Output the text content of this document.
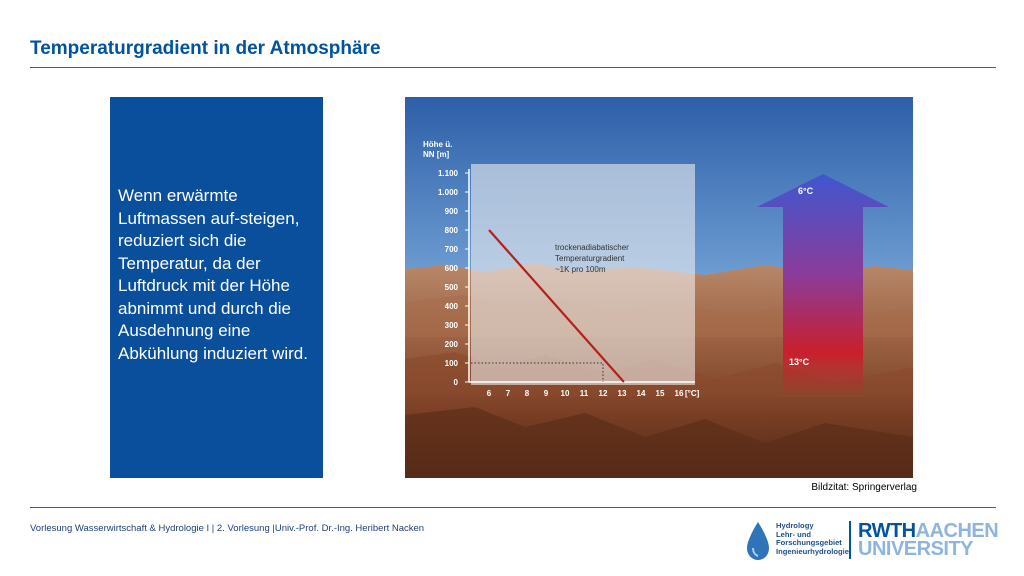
Temperaturgradient in der Atmosphäre

Wenn erwärmte Luftmassen auf-steigen, reduziert sich die Temperatur, da der Luftdruck mit der Höhe abnimmt und durch die Ausdehnung eine Abkühlung induziert wird.

6°C
13°C
Höhe ü. NN [m]
0
100
200
300
400
500
600
700
800
900
1.000
1.100
6 7 8 9 10 11 12 13 14 15 16 [°C]
trockenadiabatischer Temperaturgradient ~1K pro 100m
Bildzitat: Springerverlag
Vorlesung Wasserwirtschaft & Hydrologie I | 2. Vorlesung |Univ.-Prof. Dr.-Ing. Heribert Nacken	Hydrology
Lehr- und
Forschungsgebiet
Ingenieurhydrologie
RWTHAACHEN
UNIVERSITY
